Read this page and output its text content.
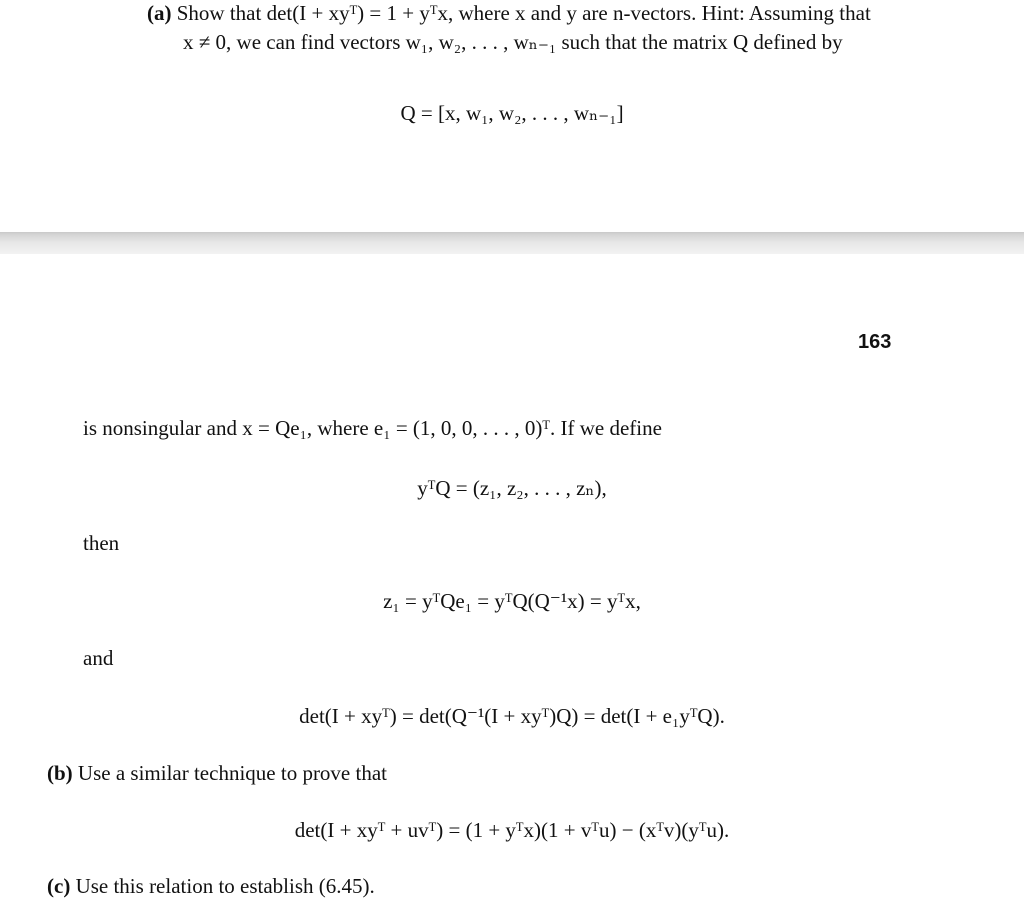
(a) Show that det(I + xyᵀ) = 1 + yᵀx, where x and y are n-vectors. Hint: Assuming that
x ≠ 0, we can find vectors w₁, w₂, . . . , wₙ₋₁ such that the matrix Q defined by
Q = [x, w₁, w₂, . . . , wₙ₋₁]
163
is nonsingular and x = Qe₁, where e₁ = (1, 0, 0, . . . , 0)ᵀ. If we define
yᵀQ = (z₁, z₂, . . . , zₙ),
then
z₁ = yᵀQe₁ = yᵀQ(Q⁻¹x) = yᵀx,
and
det(I + xyᵀ) = det(Q⁻¹(I + xyᵀ)Q) = det(I + e₁yᵀQ).
(b) Use a similar technique to prove that
det(I + xyᵀ + uvᵀ) = (1 + yᵀx)(1 + vᵀu) − (xᵀv)(yᵀu).
(c) Use this relation to establish (6.45).
